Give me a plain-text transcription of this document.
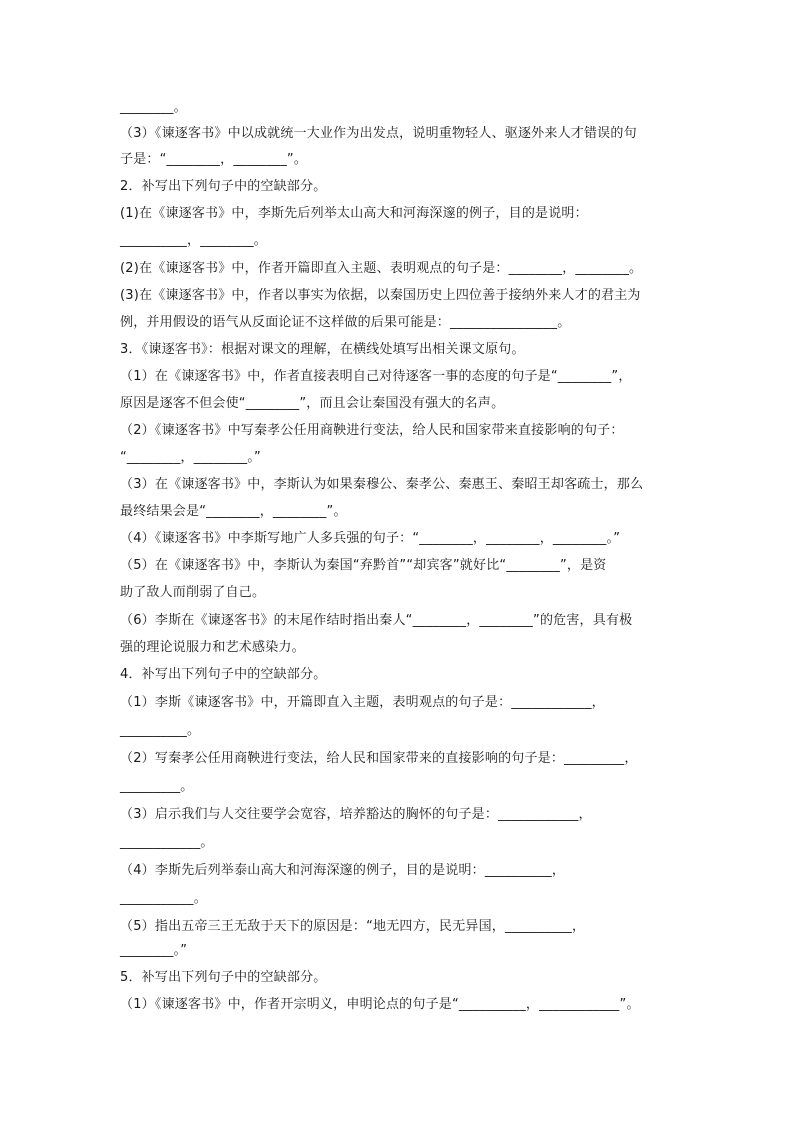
________。
（3）《谏逐客书》中以成就统一大业作为出发点，说明重物轻人、驱逐外来人才错误的句
子是：“________，________”。
2．补写出下列句子中的空缺部分。
(1)在《谏逐客书》中，李斯先后列举太山高大和河海深邃的例子，目的是说明：
__________，________。
(2)在《谏逐客书》中，作者开篇即直入主题、表明观点的句子是：________，________。
(3)在《谏逐客书》中，作者以事实为依据，以秦国历史上四位善于接纳外来人才的君主为
例，并用假设的语气从反面论证不这样做的后果可能是：________________。
3．《谏逐客书》：根据对课文的理解，在横线处填写出相关课文原句。
（1）在《谏逐客书》中，作者直接表明自己对待逐客一事的态度的句子是“________”，
原因是逐客不但会使“________”，而且会让秦国没有强大的名声。
（2）《谏逐客书》中写秦孝公任用商鞅进行变法，给人民和国家带来直接影响的句子：
“________，________。”
（3）在《谏逐客书》中，李斯认为如果秦穆公、秦孝公、秦惠王、秦昭王却客疏士，那么
最终结果会是“________，________”。
（4）《谏逐客书》中李斯写地广人多兵强的句子：“________，________，________。”
（5）在《谏逐客书》中，李斯认为秦国“弃黔首”“却宾客”就好比“________”，是资
助了敌人而削弱了自己。
（6）李斯在《谏逐客书》的末尾作结时指出秦人“________，________”的危害，具有极
强的理论说服力和艺术感染力。
4．补写出下列句子中的空缺部分。
（1）李斯《谏逐客书》中，开篇即直入主题，表明观点的句子是：____________，
__________。
（2）写秦孝公任用商鞅进行变法，给人民和国家带来的直接影响的句子是：_________，
_________。
（3）启示我们与人交往要学会宽容，培养豁达的胸怀的句子是：____________，
____________。
（4）李斯先后列举泰山高大和河海深邃的例子，目的是说明：__________，
___________。
（5）指出五帝三王无敌于天下的原因是：“地无四方，民无异国，__________，
________。”
5．补写出下列句子中的空缺部分。
（1）《谏逐客书》中，作者开宗明义，申明论点的句子是“__________，____________”。
